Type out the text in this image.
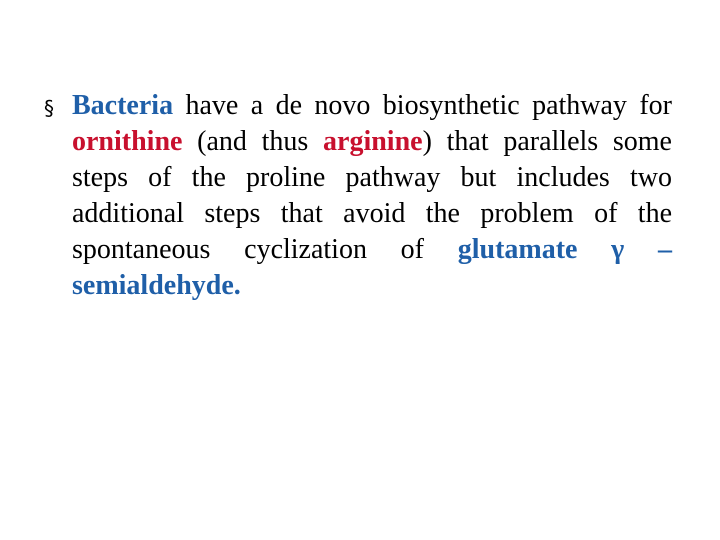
§ Bacteria have a de novo biosynthetic pathway for ornithine (and thus arginine) that parallels some steps of the proline pathway but includes two additional steps that avoid the problem of the spontaneous cyclization of glutamate γ –semialdehyde.
